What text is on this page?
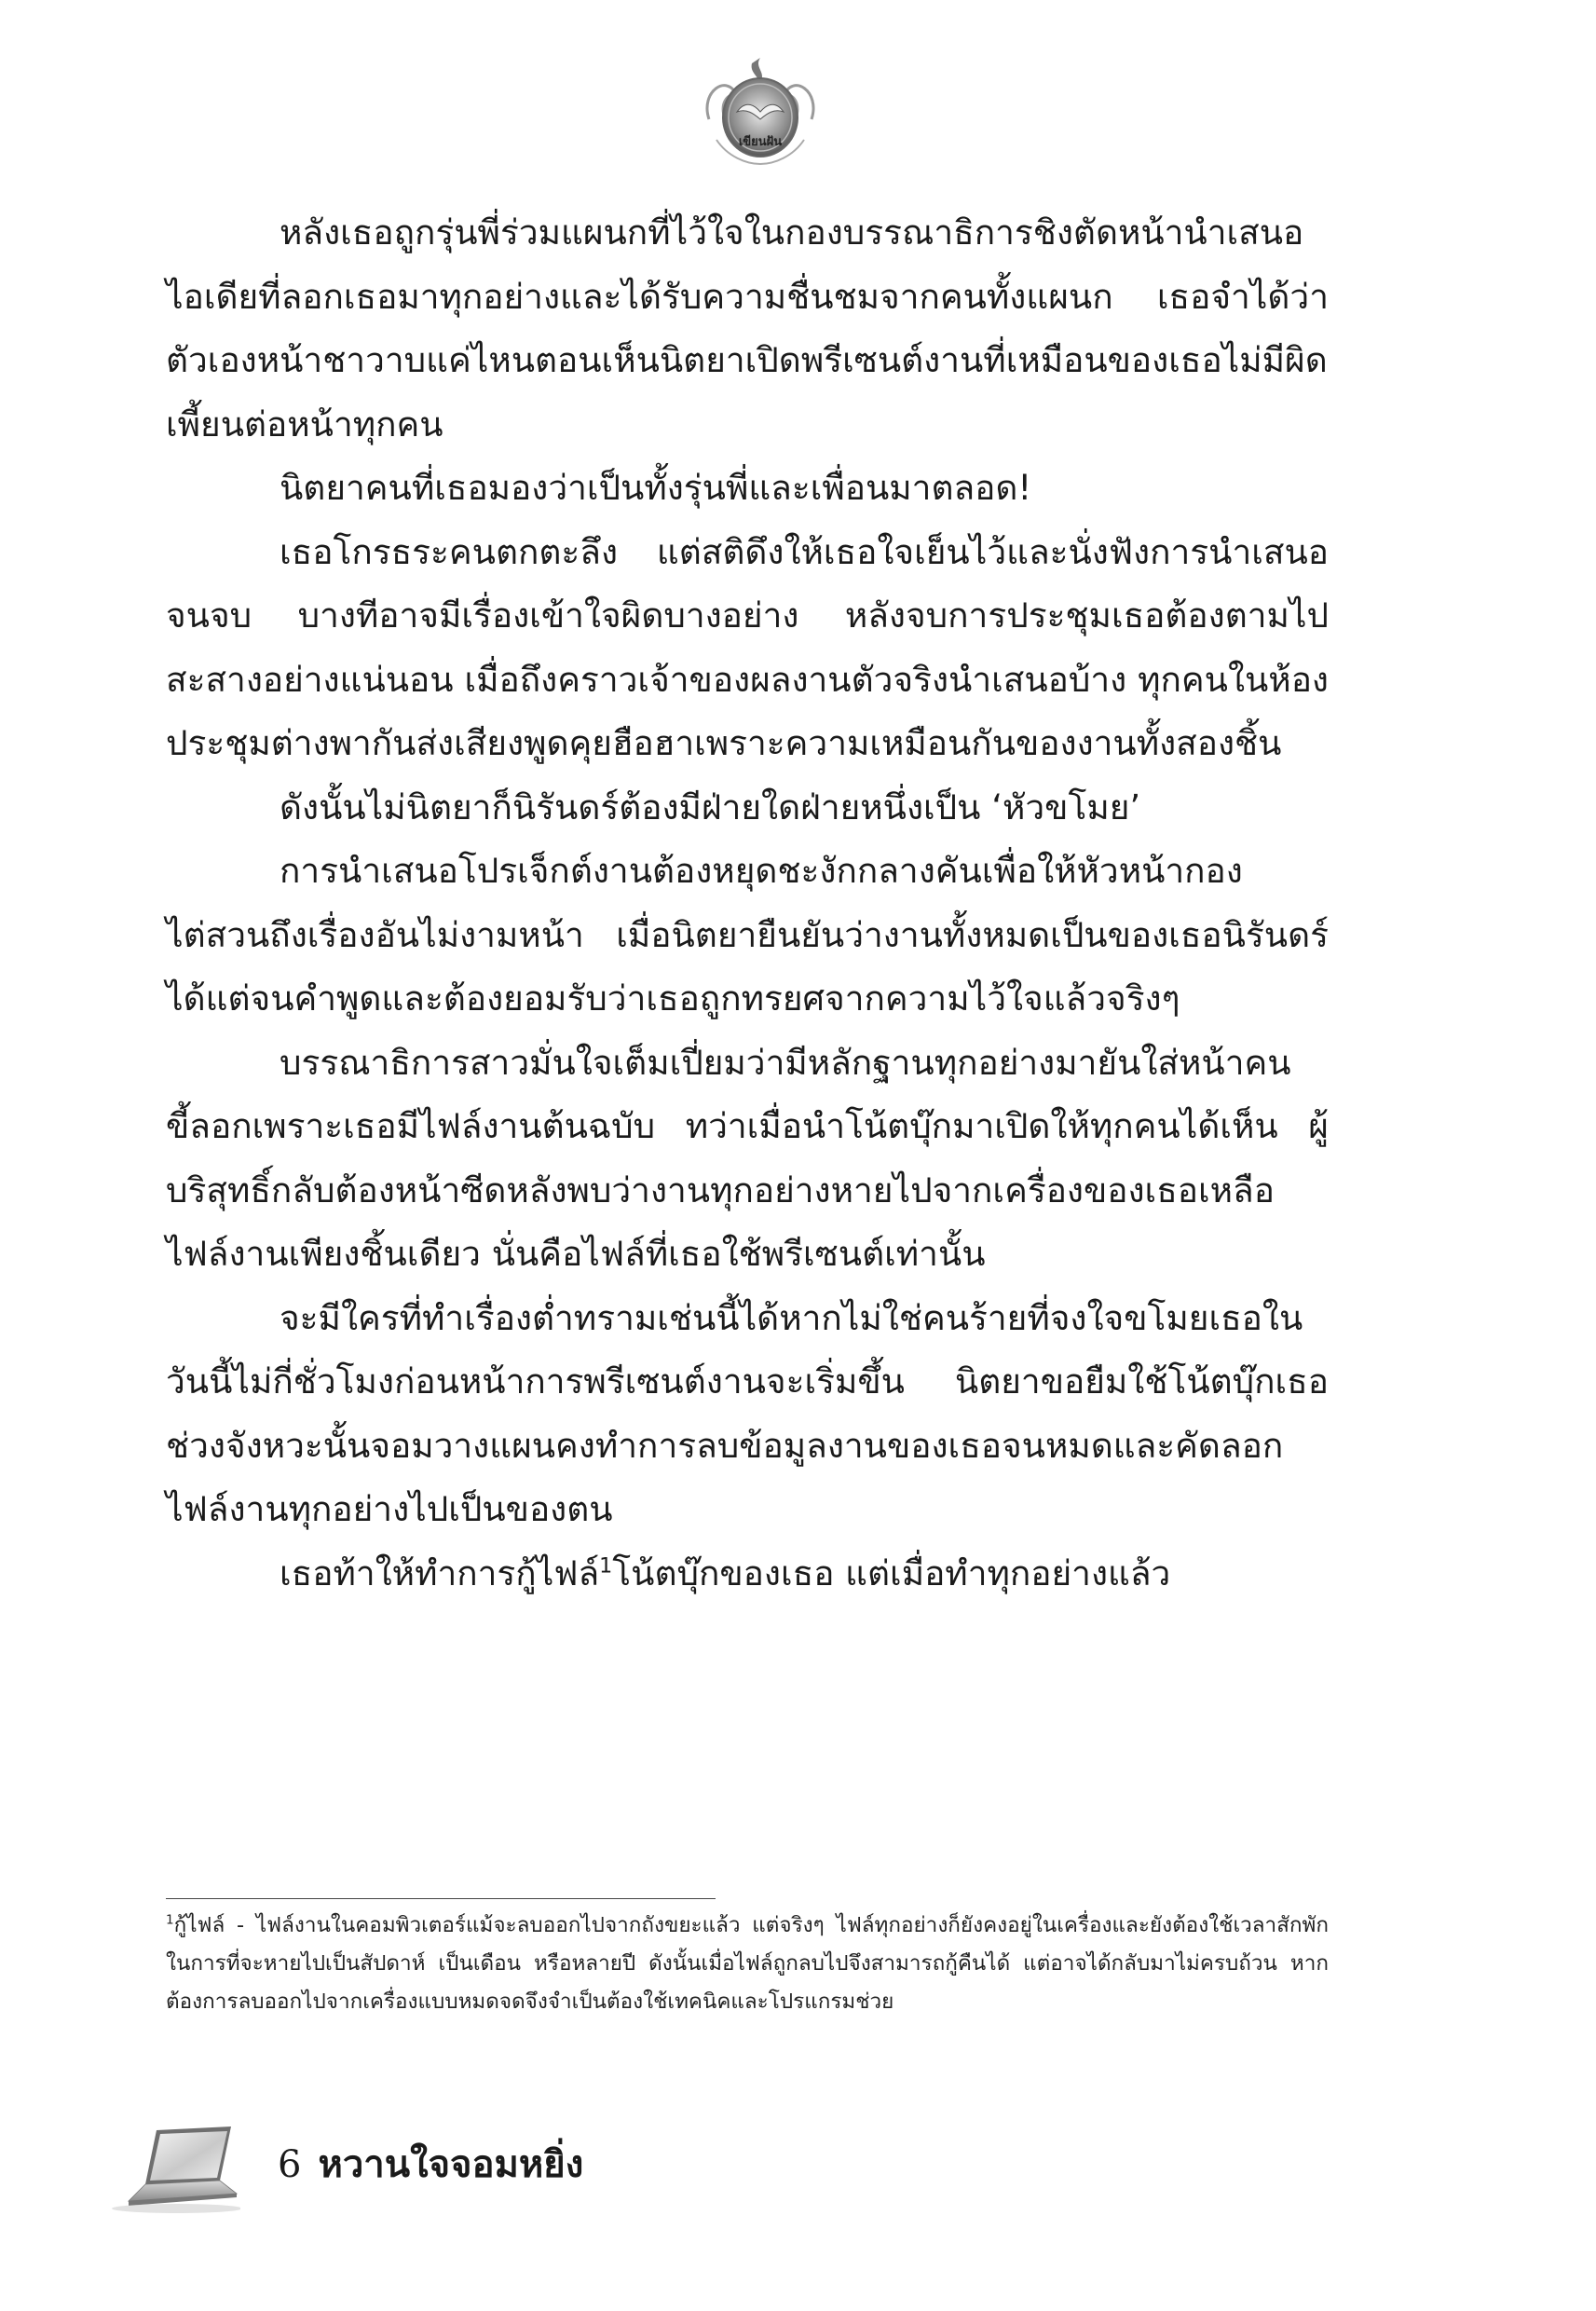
เขียนฝัน

หลังเธอถูกรุ่นพี่ร่วมแผนกที่ไว้ใจในกองบรรณาธิการชิงตัดหน้านำเสนอไอเดียที่ลอกเธอมาทุกอย่างและได้รับความชื่นชมจากคนทั้งแผนก เธอจำได้ว่าตัวเองหน้าชาวาบแค่ไหนตอนเห็นนิตยาเปิดพรีเซนต์งานที่เหมือนของเธอไม่มีผิดเพี้ยนต่อหน้าทุกคน

นิตยาคนที่เธอมองว่าเป็นทั้งรุ่นพี่และเพื่อนมาตลอด!

เธอโกรธระคนตกตะลึง แต่สติดึงให้เธอใจเย็นไว้และนั่งฟังการนำเสนอจนจบ บางทีอาจมีเรื่องเข้าใจผิดบางอย่าง หลังจบการประชุมเธอต้องตามไปสะสางอย่างแน่นอน เมื่อถึงคราวเจ้าของผลงานตัวจริงนำเสนอบ้าง ทุกคนในห้องประชุมต่างพากันส่งเสียงพูดคุยฮือฮาเพราะความเหมือนกันของงานทั้งสองชิ้น

ดังนั้นไม่นิตยาก็นิรันดร์ต้องมีฝ่ายใดฝ่ายหนึ่งเป็น ‘หัวขโมย’

การนำเสนอโปรเจ็กต์งานต้องหยุดชะงักกลางคันเพื่อให้หัวหน้ากองไต่สวนถึงเรื่องอันไม่งามหน้า เมื่อนิตยายืนยันว่างานทั้งหมดเป็นของเธอนิรันดร์ได้แต่จนคำพูดและต้องยอมรับว่าเธอถูกทรยศจากความไว้ใจแล้วจริงๆ

บรรณาธิการสาวมั่นใจเต็มเปี่ยมว่ามีหลักฐานทุกอย่างมายันใส่หน้าคนขี้ลอกเพราะเธอมีไฟล์งานต้นฉบับ ทว่าเมื่อนำโน้ตบุ๊กมาเปิดให้ทุกคนได้เห็น ผู้บริสุทธิ์กลับต้องหน้าซีดหลังพบว่างานทุกอย่างหายไปจากเครื่องของเธอเหลือไฟล์งานเพียงชิ้นเดียว นั่นคือไฟล์ที่เธอใช้พรีเซนต์เท่านั้น

จะมีใครที่ทำเรื่องต่ำทรามเช่นนี้ได้หากไม่ใช่คนร้ายที่จงใจขโมยเธอในวันนี้ไม่กี่ชั่วโมงก่อนหน้าการพรีเซนต์งานจะเริ่มขึ้น นิตยาขอยืมใช้โน้ตบุ๊กเธอ ช่วงจังหวะนั้นจอมวางแผนคงทำการลบข้อมูลงานของเธอจนหมดและคัดลอกไฟล์งานทุกอย่างไปเป็นของตน

เธอท้าให้ทำการกู้ไฟล์$^1$โน้ตบุ๊กของเธอ แต่เมื่อทำทุกอย่างแล้ว

$^1$กู้ไฟล์ - ไฟล์งานในคอมพิวเตอร์แม้จะลบออกไปจากถังขยะแล้ว แต่จริงๆ ไฟล์ทุกอย่างก็ยังคงอยู่ในเครื่องและยังต้องใช้เวลาสักพักในการที่จะหายไปเป็นสัปดาห์ เป็นเดือน หรือหลายปี ดังนั้นเมื่อไฟล์ถูกลบไปจึงสามารถกู้คืนได้ แต่อาจได้กลับมาไม่ครบถ้วน หากต้องการลบออกไปจากเครื่องแบบหมดจดจึงจำเป็นต้องใช้เทคนิคและโปรแกรมช่วย
6 หวานใจจอมหยิ่ง
